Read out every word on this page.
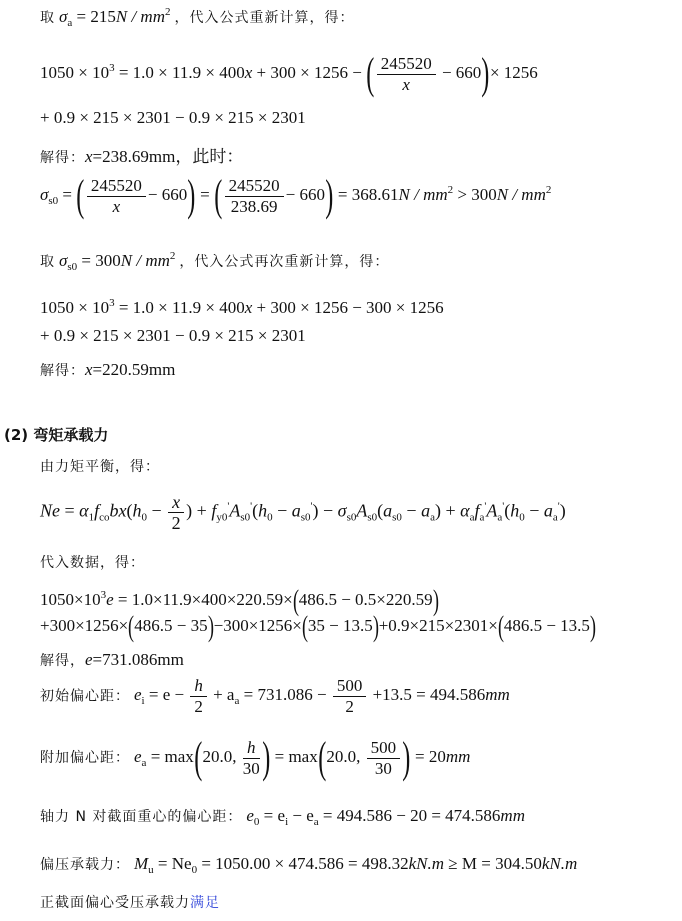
取 $\sigma_a = 215N / mm^2$ ，代入公式重新计算，得：
$1050 \times 10^3 = 1.0 \times 11.9 \times 400x + 300 \times 1256$ − ( $\frac{245520}{x} - 660)\times 1256$
+ 0.9 × 215 × 2301 − 0.9 × 215 × 2301
解得：x=238.69mm，此时：
$\sigma_{s0}$ = ( $\frac{245520}{x} - 660$) = ( $\frac{245520}{238.69} - 660) = 368.61N / mm^2 > 300N / mm^2$
取 $\sigma_{s0} = 300N / mm^2$ ，代入公式再次重新计算，得：
$1050 \times 10^3 = 1.0 \times 11.9 \times 400x + 300 \times 1256 - 300 \times 1256$
+ 0.9 × 215 × 2301 − 0.9 × 215 × 2301
解得：x=220.59mm
(2) 弯矩承载力
由力矩平衡，得：
$Ne = \alpha_1f_{co}bx(h_0 - \frac{x}{2}$ ) + $f_{y0}'A_{s0}'(h_0 - a_{s0}') - \sigma_{s0}A_{s0}(a_{s0} - a_a) + \alpha_af_a'A_a'(h_0 - a_a')$
代入数据，得：
$1050\times 10^3e = 1.0\times 11.9\times 400\times 220.59\times(486.5 - 0.5\times 220.59)$
+300×1256×(486.5 − 35)−300×1256×(35 − 13.5)+0.9×215×2301×(486.5 − 13.5)
解得，e=731.086mm
初始偏心距： $e_i = e - \frac{h}{2} + a_a = 731.086 - \frac{500}{2} +13.5 = 494.586mm$
附加偏心距： $e_a = \max(20.0$, $\frac{h}{30}$ ) = max(20.0, $\frac{500}{30}$ ) = 20mm
轴力 N 对截面重心的偏心距： $e_0 = e_i - e_a = 494.586 - 20 = 474.586mm$
偏压承载力： $M_u = Ne_0 = 1050.00 \times 474.586 = 498.32kN.m \ge M = 304.50kN.m$
正截面偏心受压承载力满足
